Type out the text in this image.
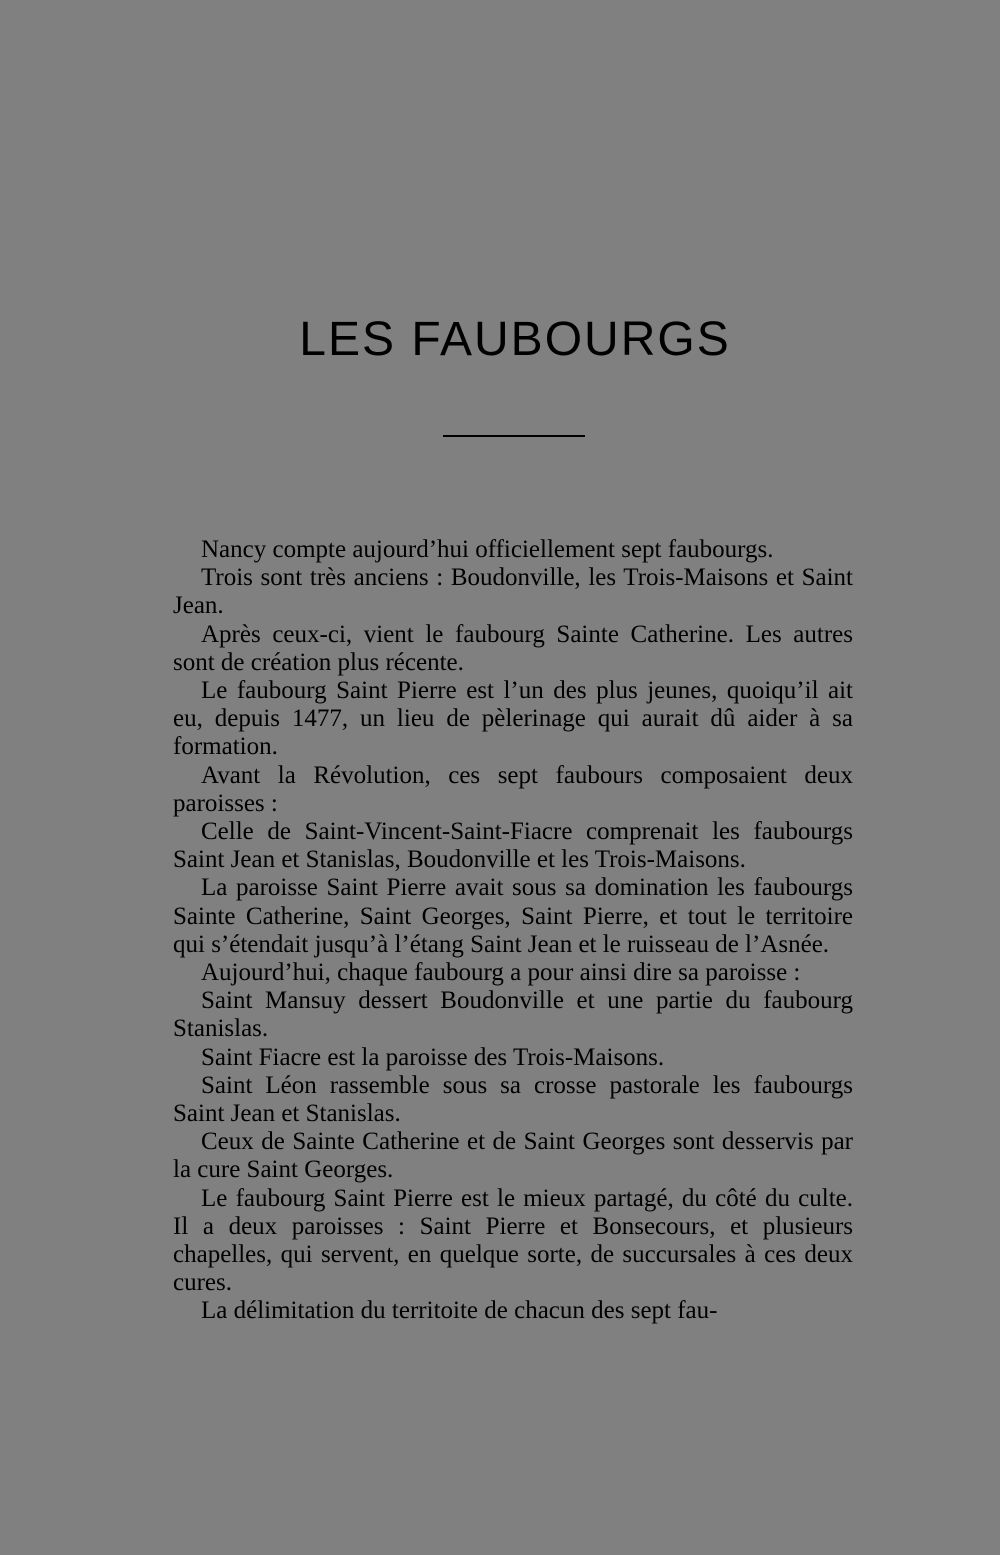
LES FAUBOURGS

Nancy compte aujourd’hui officiellement sept faubourgs.

Trois sont très anciens : Boudonville, les Trois-Maisons et Saint Jean.

Après ceux-ci, vient le faubourg Sainte Catherine. Les autres sont de création plus récente.

Le faubourg Saint Pierre est l’un des plus jeunes, quoiqu’il ait eu, depuis 1477, un lieu de pèlerinage qui aurait dû aider à sa formation.

Avant la Révolution, ces sept faubours composaient deux paroisses :

Celle de Saint-Vincent-Saint-Fiacre comprenait les faubourgs Saint Jean et Stanislas, Boudonville et les Trois-Maisons.

La paroisse Saint Pierre avait sous sa domination les faubourgs Sainte Catherine, Saint Georges, Saint Pierre, et tout le territoire qui s’étendait jusqu’à l’étang Saint Jean et le ruisseau de l’Asnée.

Aujourd’hui, chaque faubourg a pour ainsi dire sa paroisse :

Saint Mansuy dessert Boudonville et une partie du faubourg Stanislas.

Saint Fiacre est la paroisse des Trois-Maisons.

Saint Léon rassemble sous sa crosse pastorale les faubourgs Saint Jean et Stanislas.

Ceux de Sainte Catherine et de Saint Georges sont desservis par la cure Saint Georges.

Le faubourg Saint Pierre est le mieux partagé, du côté du culte. Il a deux paroisses : Saint Pierre et Bonsecours, et plusieurs chapelles, qui servent, en quelque sorte, de succursales à ces deux cures.

La délimitation du territoite de chacun des sept fau-
